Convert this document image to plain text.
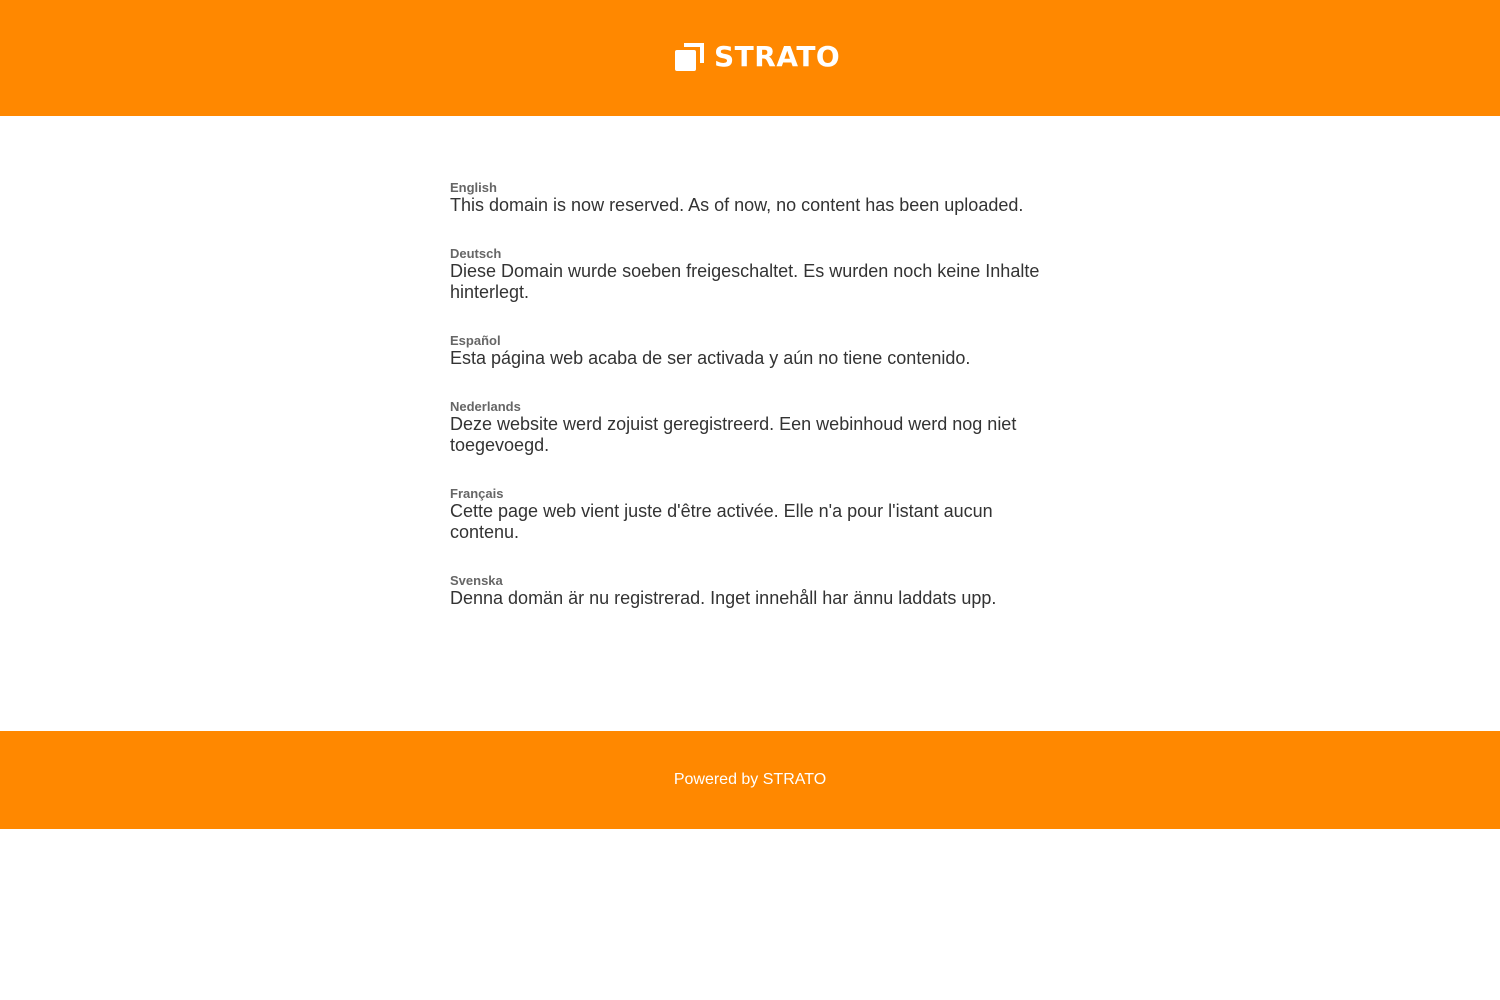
STRATO

English

This domain is now reserved. As of now, no content has been uploaded.

Deutsch

Diese Domain wurde soeben freigeschaltet. Es wurden noch keine Inhalte hinterlegt.

Español

Esta página web acaba de ser activada y aún no tiene contenido.

Nederlands

Deze website werd zojuist geregistreerd. Een webinhoud werd nog niet toegevoegd.

Français

Cette page web vient juste d'être activée. Elle n'a pour l'istant aucun contenu.

Svenska

Denna domän är nu registrerad. Inget innehåll har ännu laddats upp.

Powered by STRATO
